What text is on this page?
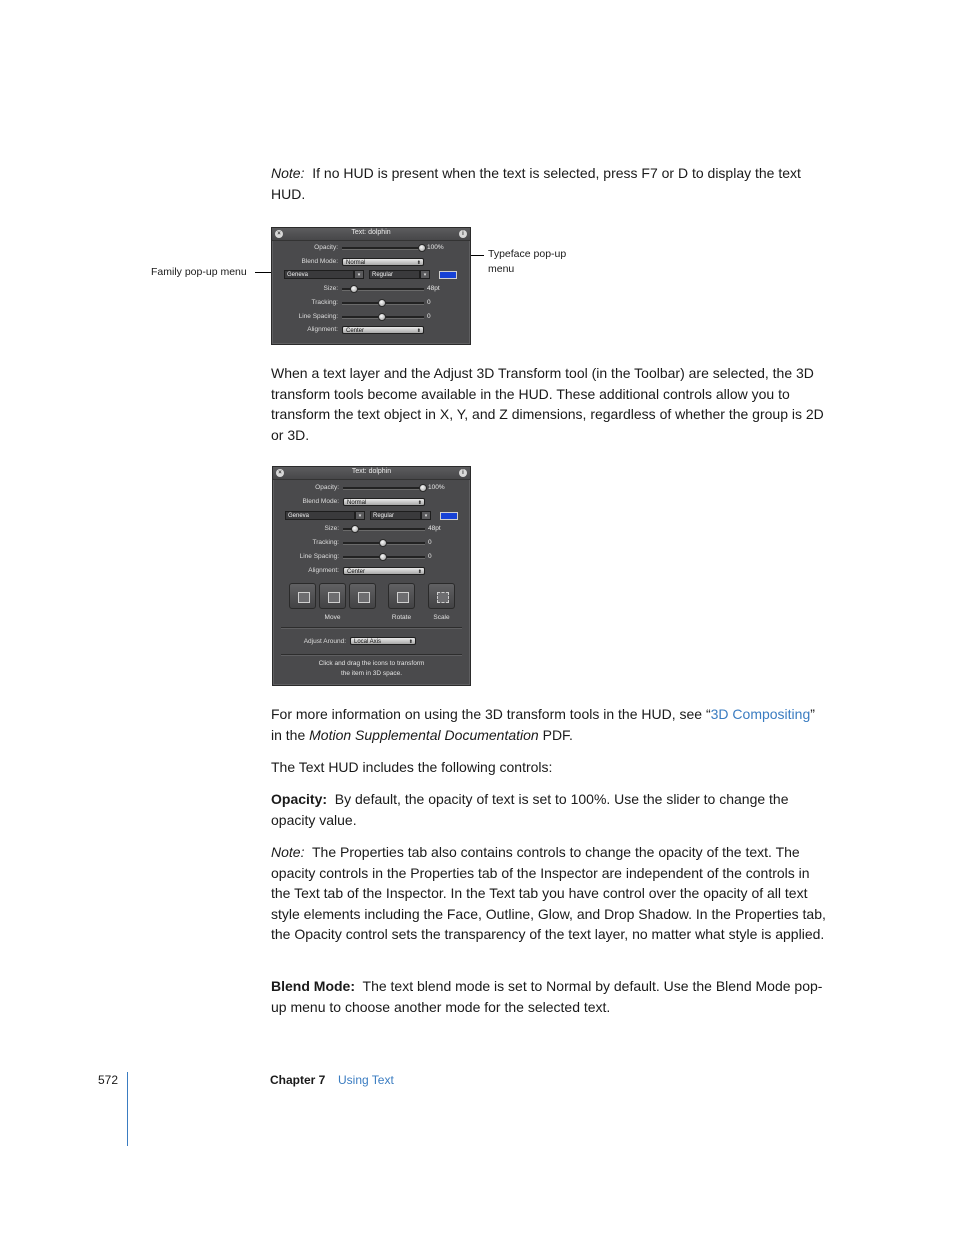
Note: If no HUD is present when the text is selected, press F7 or D to display the text HUD.

Family pop-up menu
Typeface pop-up menu
×	Text: dolphin	i
Opacity:	100%
Blend Mode:	Normal	⬍
Geneva	▾	Regular	▾
Size:	48pt
Tracking:	0
Line Spacing:	0
Alignment:	Center	⬍

When a text layer and the Adjust 3D Transform tool (in the Toolbar) are selected, the 3D transform tools become available in the HUD. These additional controls allow you to transform the text object in X, Y, and Z dimensions, regardless of whether the group is 2D or 3D.

×	Text: dolphin	i
Opacity:	100%
Blend Mode:	Normal	⬍
Geneva	▾	Regular	▾
Size:	48pt
Tracking:	0
Line Spacing:	0
Alignment:	Center	⬍
Move	Rotate	Scale
Adjust Around:	Local Axis	⬍
Click and drag the icons to transform
the item in 3D space.

For more information on using the 3D transform tools in the HUD, see “3D Compositing” in the Motion Supplemental Documentation PDF.

The Text HUD includes the following controls:

Opacity: By default, the opacity of text is set to 100%. Use the slider to change the opacity value.

Note: The Properties tab also contains controls to change the opacity of the text. The opacity controls in the Properties tab of the Inspector are independent of the controls in the Text tab of the Inspector. In the Text tab you have control over the opacity of all text style elements including the Face, Outline, Glow, and Drop Shadow. In the Properties tab, the Opacity control sets the transparency of the text layer, no matter what style is applied.

Blend Mode: The text blend mode is set to Normal by default. Use the Blend Mode pop-up menu to choose another mode for the selected text.

572	Chapter 7 Using Text
